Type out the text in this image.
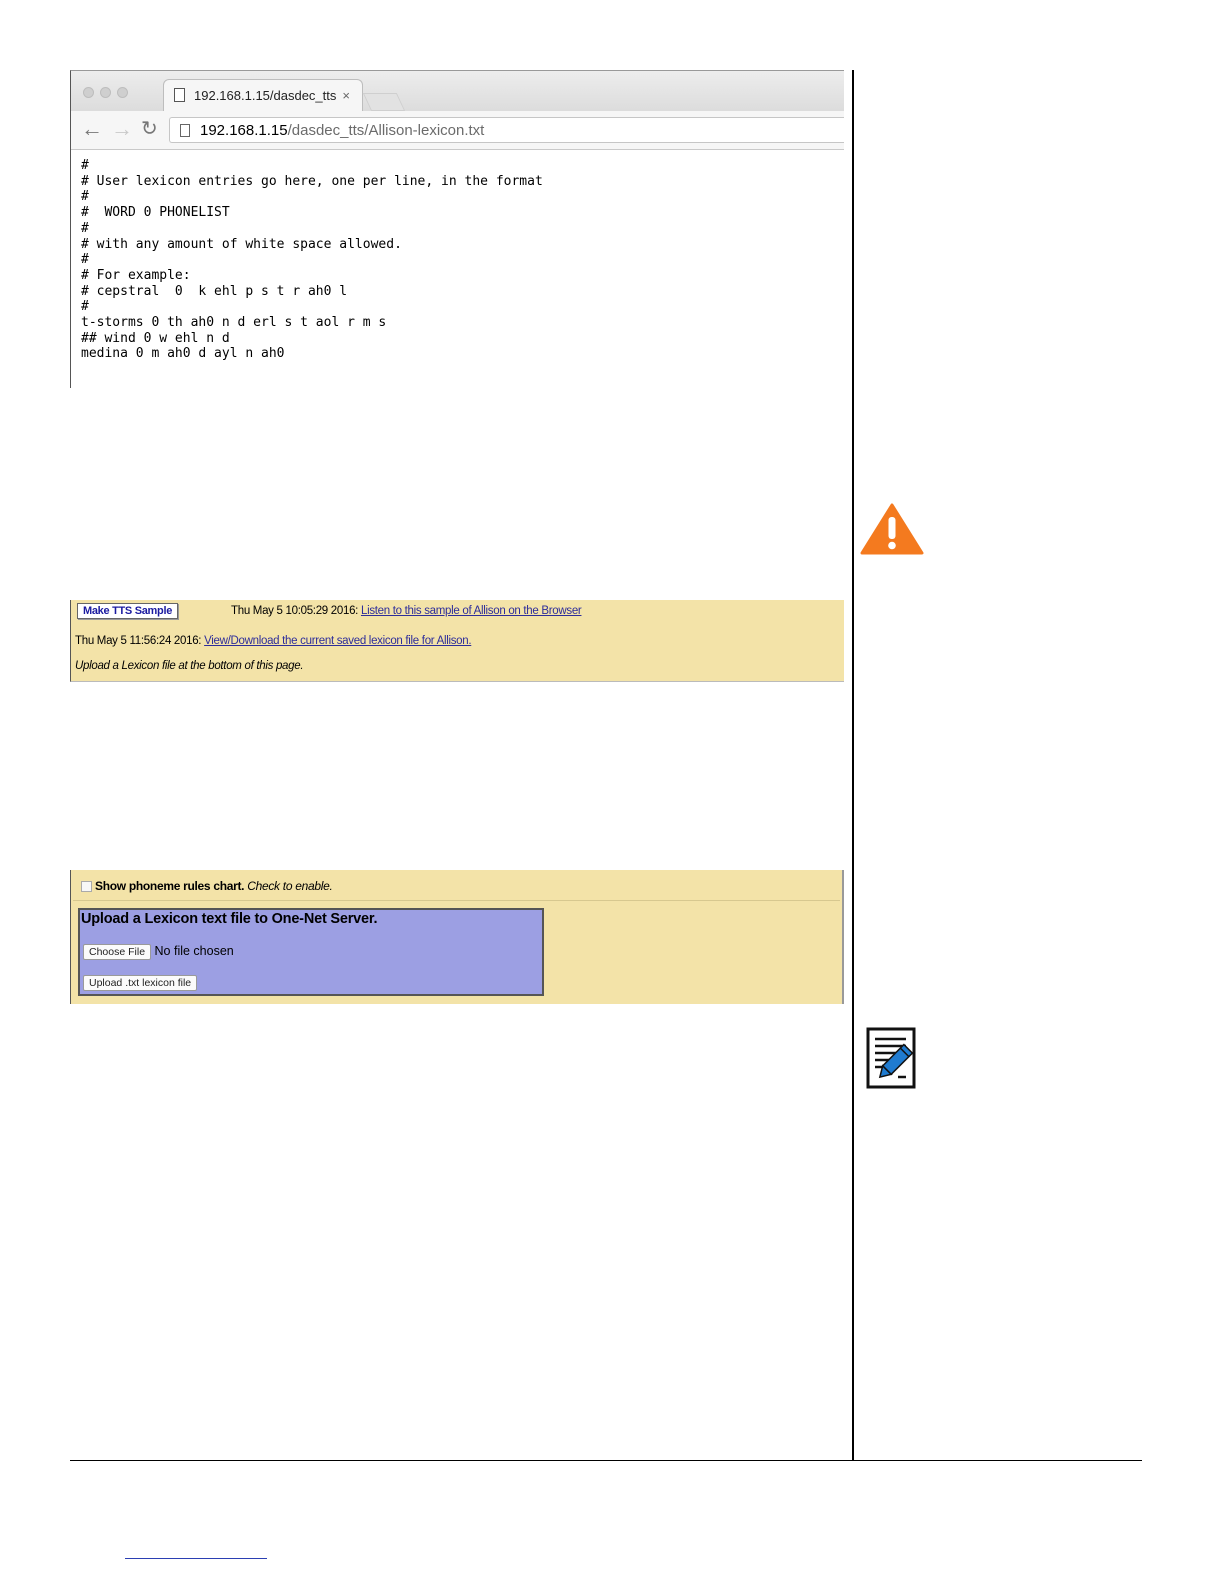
192.168.1.15/dasdec_tts ×
← → ↻	192.168.1.15/dasdec_tts/Allison-lexicon.txt
#
# User lexicon entries go here, one per line, in the format
#
#  WORD 0 PHONELIST
#
# with any amount of white space allowed.
#
# For example:
# cepstral  0  k ehl p s t r ah0 l
#
t-storms 0 th ah0 n d erl s t aol r m s
## wind 0 w ehl n d
medina 0 m ah0 d ayl n ah0
Make TTS Sample	Thu May 5 10:05:29 2016: Listen to this sample of Allison on the Browser
Thu May 5 11:56:24 2016: View/Download the current saved lexicon file for Allison.
Upload a Lexicon file at the bottom of this page.
Show phoneme rules chart. Check to enable.
Upload a Lexicon text file to One-Net Server.
Choose File No file chosen
Upload .txt lexicon file
